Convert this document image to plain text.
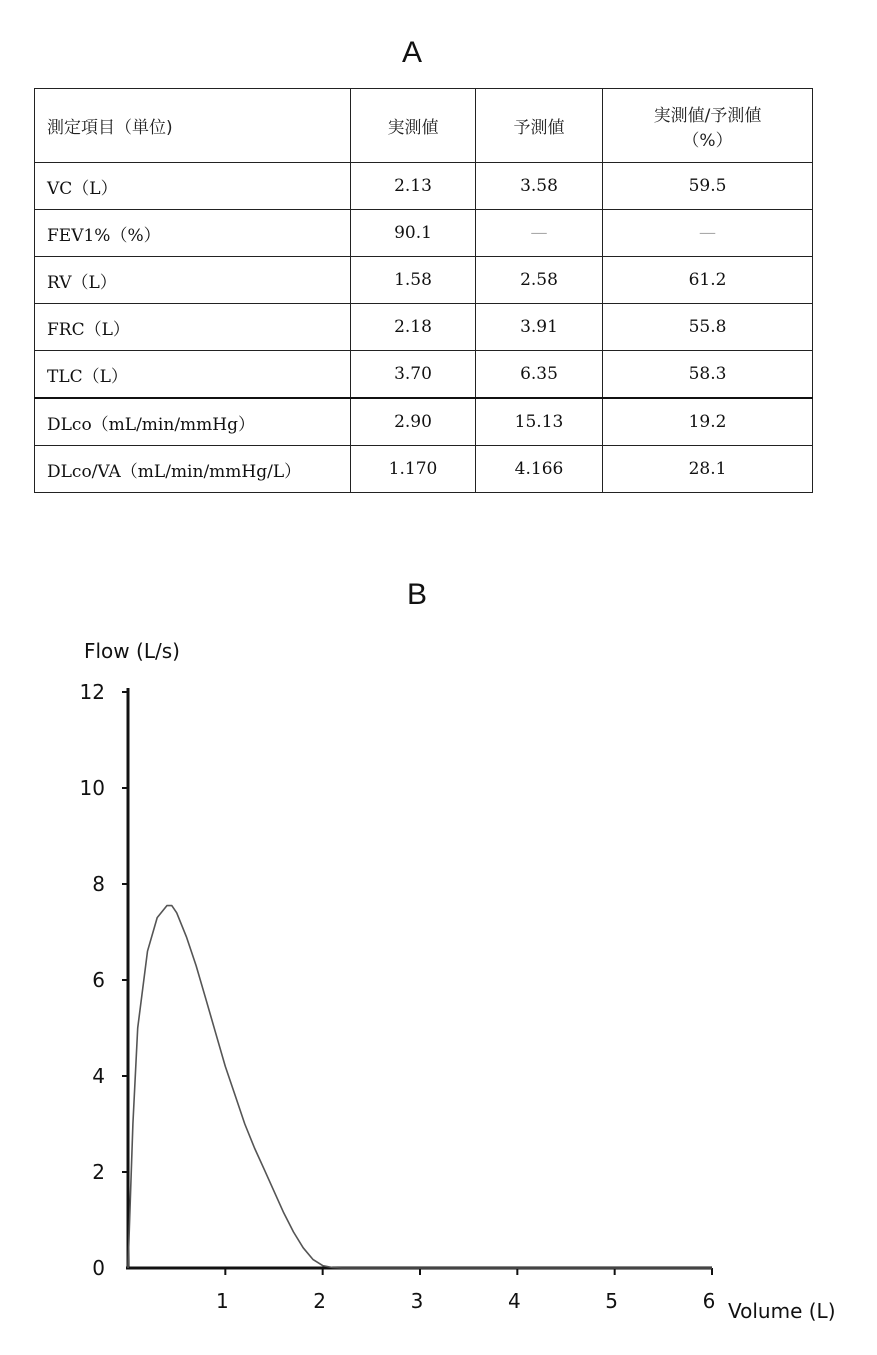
A
測定項目（単位)	実測値	予測値	実測値/予測値
（%）

VC（L）	2.13	3.58	59.5
FEV1%（%）	90.1	—	—
RV（L）	1.58	2.58	61.2
FRC（L）	2.18	3.91	55.8
TLC（L）	3.70	6.35	58.3
DLco（mL/min/mmHg）	2.90	15.13	19.2
DLco/VA（mL/min/mmHg/L）	1.170	4.166	28.1
B
0
2
4
6
8
10
12
1	2	3	4	5	6
Flow (L/s)
Volume (L)
